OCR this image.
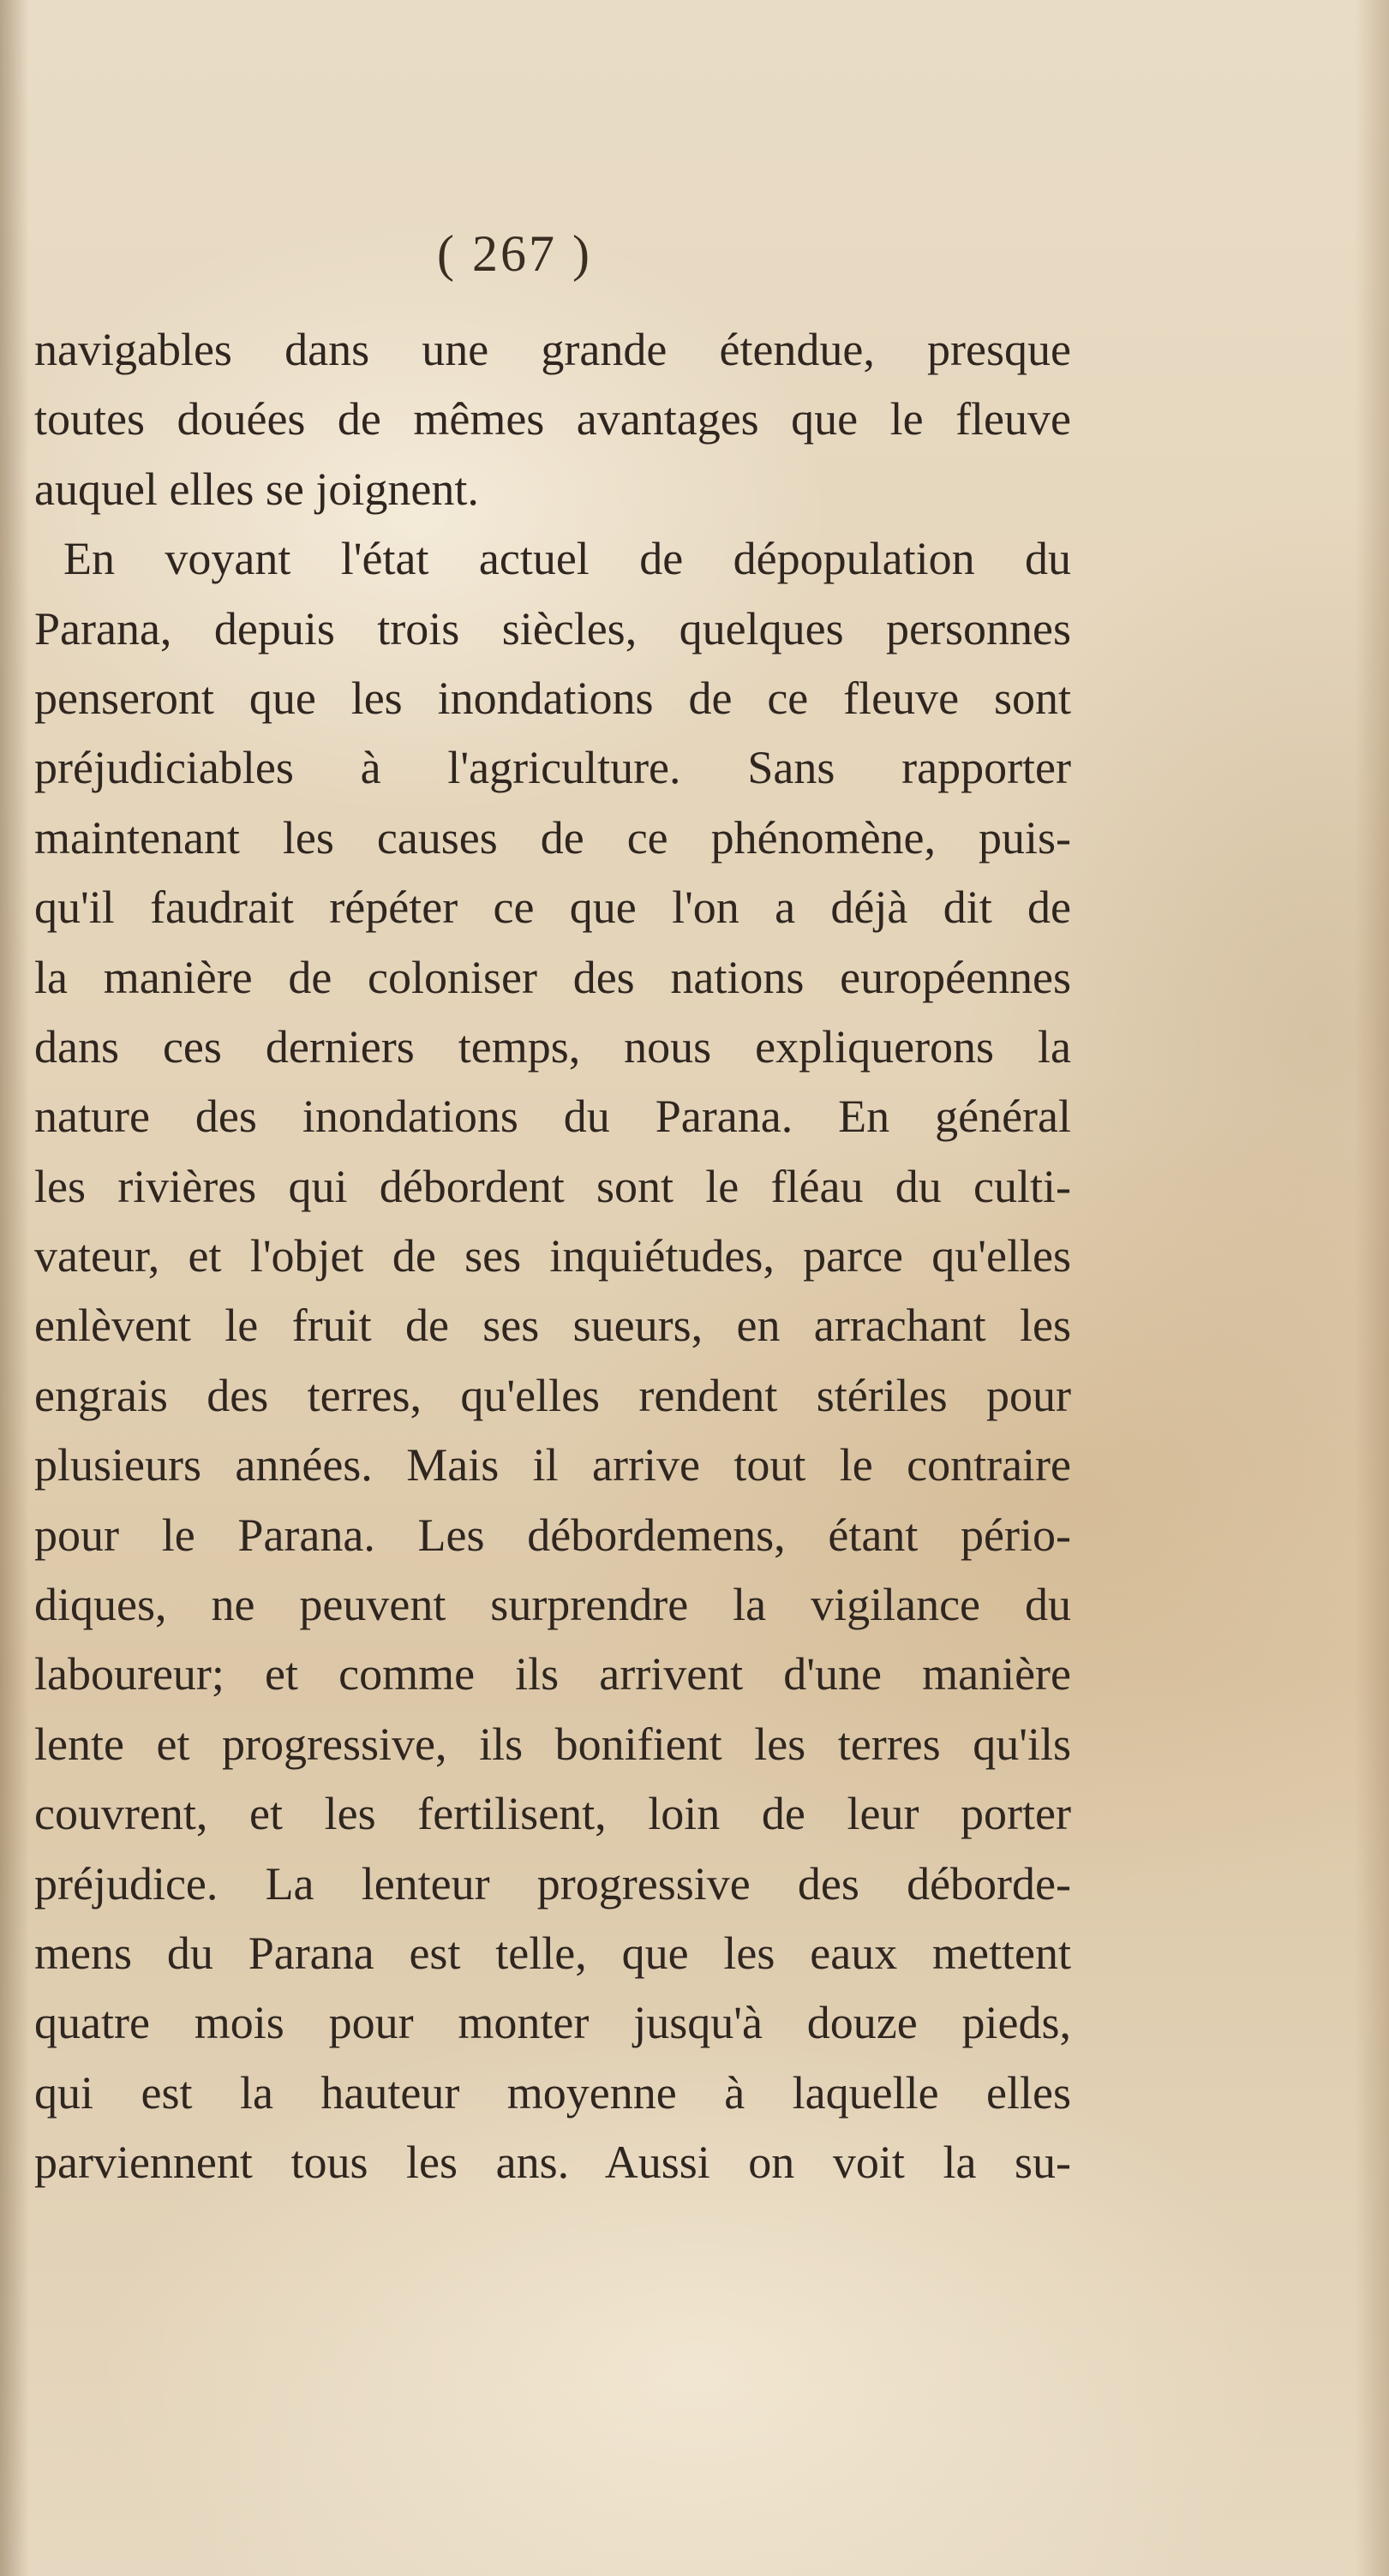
( 267 )
navigables dans une grande étendue, presque
toutes douées de mêmes avantages que le fleuve
auquel elles se joignent.
En voyant l'état actuel de dépopulation du
Parana, depuis trois siècles, quelques personnes
penseront que les inondations de ce fleuve sont
préjudiciables à l'agriculture. Sans rapporter
maintenant les causes de ce phénomène, puis-
qu'il faudrait répéter ce que l'on a déjà dit de
la manière de coloniser des nations européennes
dans ces derniers temps, nous expliquerons la
nature des inondations du Parana. En général
les rivières qui débordent sont le fléau du culti-
vateur, et l'objet de ses inquiétudes, parce qu'elles
enlèvent le fruit de ses sueurs, en arrachant les
engrais des terres, qu'elles rendent stériles pour
plusieurs années. Mais il arrive tout le contraire
pour le Parana. Les débordemens, étant pério-
diques, ne peuvent surprendre la vigilance du
laboureur; et comme ils arrivent d'une manière
lente et progressive, ils bonifient les terres qu'ils
couvrent, et les fertilisent, loin de leur porter
préjudice. La lenteur progressive des déborde-
mens du Parana est telle, que les eaux mettent
quatre mois pour monter jusqu'à douze pieds,
qui est la hauteur moyenne à laquelle elles
parviennent tous les ans. Aussi on voit la su-
